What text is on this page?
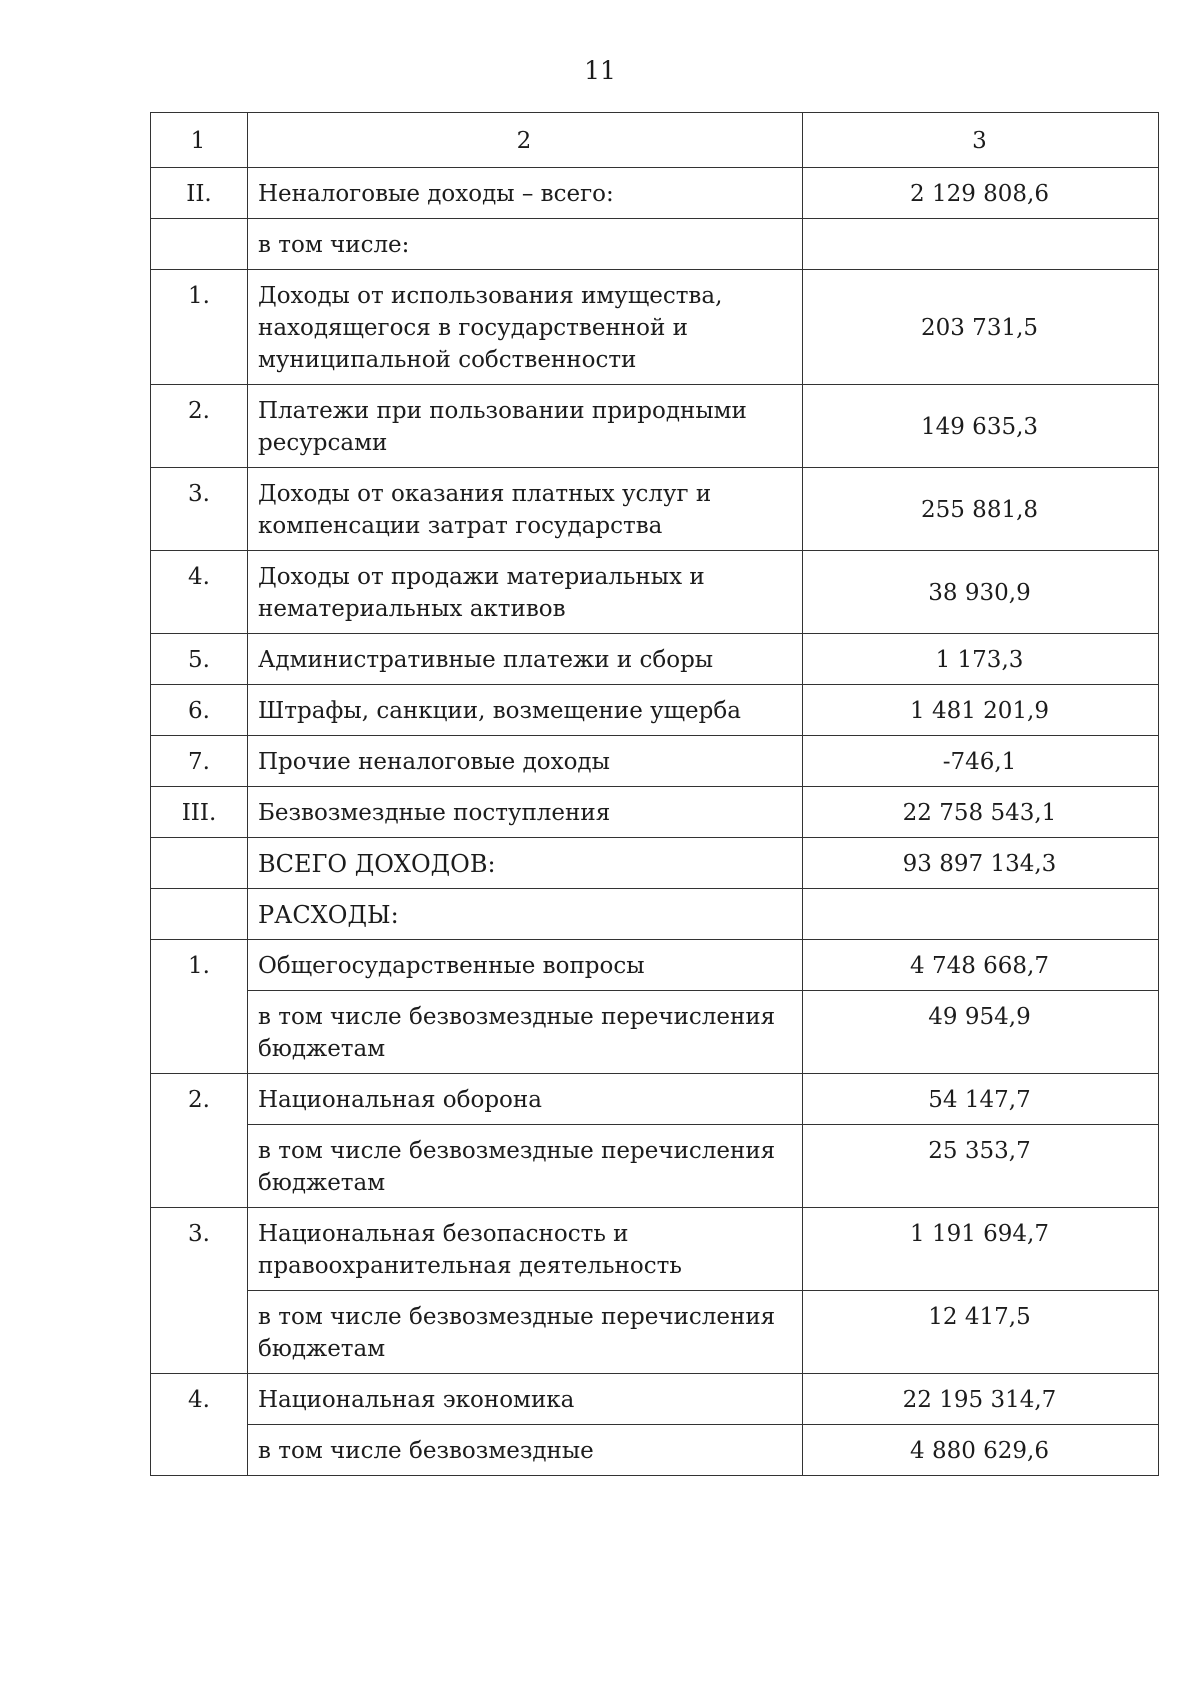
11
1	2	3
II.	Неналоговые доходы – всего:	2 129 808,6
	в том числе:	
1.	Доходы от использования имущества, находящегося в государственной и муниципальной собственности	203 731,5
2.	Платежи при пользовании природными ресурсами	149 635,3
3.	Доходы от оказания платных услуг и компенсации затрат государства	255 881,8
4.	Доходы от продажи материальных и нематериальных активов	38 930,9
5.	Административные платежи и сборы	1 173,3
6.	Штрафы, санкции, возмещение ущерба	1 481 201,9
7.	Прочие неналоговые доходы	-746,1
III.	Безвозмездные поступления	22 758 543,1
	ВСЕГО ДОХОДОВ:	93 897 134,3
	РАСХОДЫ:	
1.	Общегосударственные вопросы	4 748 668,7
	в том числе безвозмездные перечисления бюджетам	49 954,9
2.	Национальная оборона	54 147,7
	в том числе безвозмездные перечисления бюджетам	25 353,7
3.	Национальная безопасность и правоохранительная деятельность	1 191 694,7
	в том числе безвозмездные перечисления бюджетам	12 417,5
4.	Национальная экономика	22 195 314,7
	в том числе безвозмездные	4 880 629,6
